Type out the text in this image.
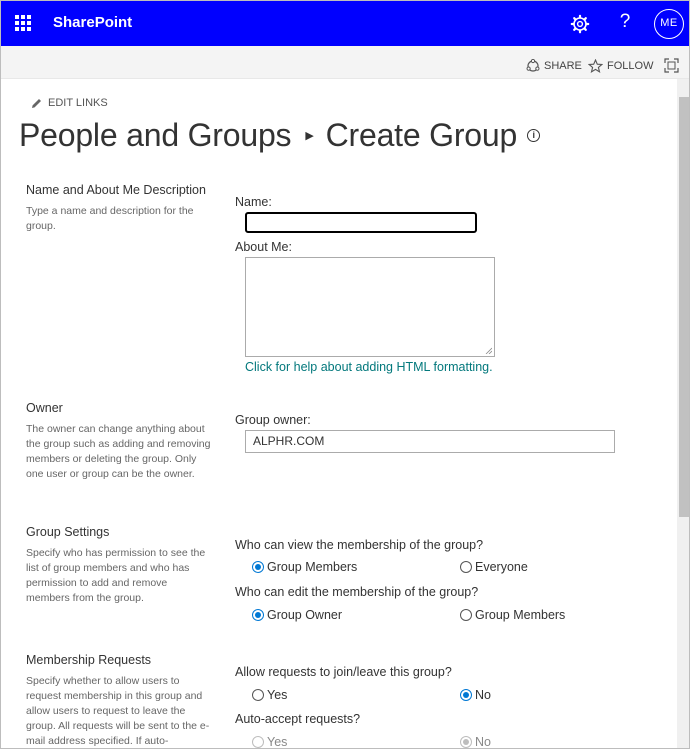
SharePoint	?	ME
SHARE FOLLOW
EDIT LINKS
People and Groups ▶ Create Group	i
Name and About Me Description
Type a name and description for the group.
Name:
About Me:
Click for help about adding HTML formatting.
Owner
The owner can change anything about the group such as adding and removing members or deleting the group. Only one user or group can be the owner.
Group owner:
ALPHR.COM
Group Settings
Specify who has permission to see the list of group members and who has permission to add and remove members from the group.
Who can view the membership of the group?
Group Members	Everyone
Who can edit the membership of the group?
Group Owner	Group Members
Membership Requests
Specify whether to allow users to request membership in this group and allow users to request to leave the group. All requests will be sent to the e-mail address specified. If auto-
Allow requests to join/leave this group?
Yes	No
Auto-accept requests?
Yes	No
